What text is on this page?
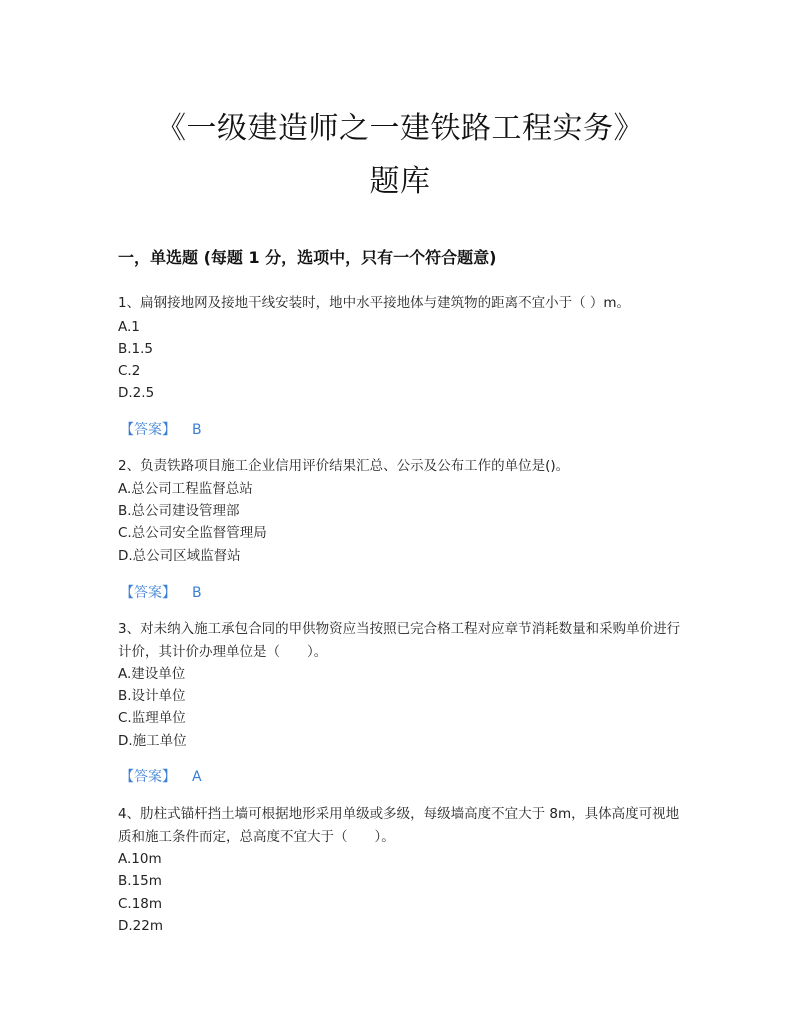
《一级建造师之一建铁路工程实务》
题库
一，单选题 (每题 1 分，选项中，只有一个符合题意)
1、扁钢接地网及接地干线安装时，地中水平接地体与建筑物的距离不宜小于（ ）m。
A.1
B.1.5
C.2
D.2.5
【答案】 B
2、负责铁路项目施工企业信用评价结果汇总、公示及公布工作的单位是()。
A.总公司工程监督总站
B.总公司建设管理部
C.总公司安全监督管理局
D.总公司区域监督站
【答案】 B
3、对未纳入施工承包合同的甲供物资应当按照已完合格工程对应章节消耗数量和采购单价进行计价，其计价办理单位是（　　）。
A.建设单位
B.设计单位
C.监理单位
D.施工单位
【答案】 A
4、肋柱式锚杆挡土墙可根据地形采用单级或多级，每级墙高度不宜大于 8m，具体高度可视地质和施工条件而定，总高度不宜大于（　　）。
A.10m
B.15m
C.18m
D.22m
